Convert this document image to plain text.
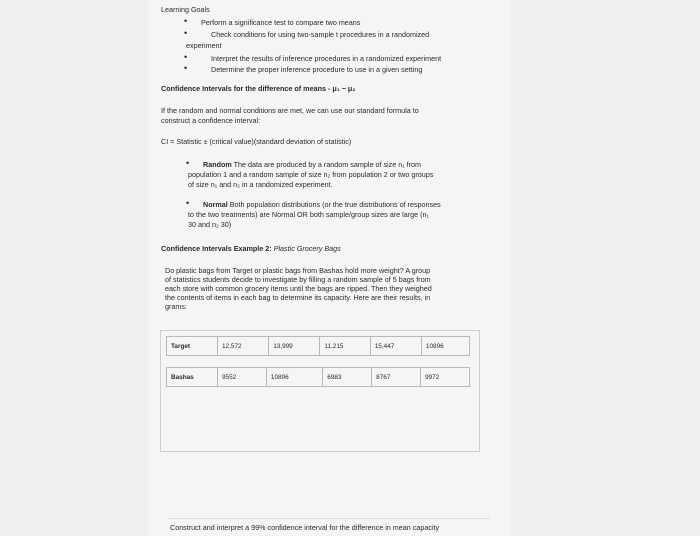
Learning Goals
• Perform a significance test to compare two means
•	Check conditions for using two-sample t procedures in a randomized
experiment
•	Interpret the results of inference procedures in a randomized experiment
•	Determine the proper inference procedure to use in a given setting
Confidence Intervals for the difference of means - μ₁ − μ₂
If the random and normal conditions are met, we can use our standard formula to
construct a confidence interval:
CI = Statistic ± (critical value)(standard deviation of statistic)
• Random The data are produced by a random sample of size n₁ from
population 1 and a random sample of size n₂ from population 2 or two groups
of size n₁ and n₂ in a randomized experiment.
• Normal Both population distributions (or the true distributions of responses
to the two treatments) are Normal OR both sample/group sizes are large (n₁
30 and n₂ 30)
Confidence Intervals Example 2: Plastic Grocery Bags
Do plastic bags from Target or plastic bags from Bashas hold more weight? A group
of statistics students decide to investigate by filling a random sample of 5 bags from
each store with common grocery items until the bags are ripped. Then they weighed
the contents of items in each bag to determine its capacity. Here are their results, in
grams:
Target	12,572	13,999	11,215	15,447	10896
Bashas	9552	10896	6983	8767	9972
Construct and interpret a 99% confidence interval for the difference in mean capacity
